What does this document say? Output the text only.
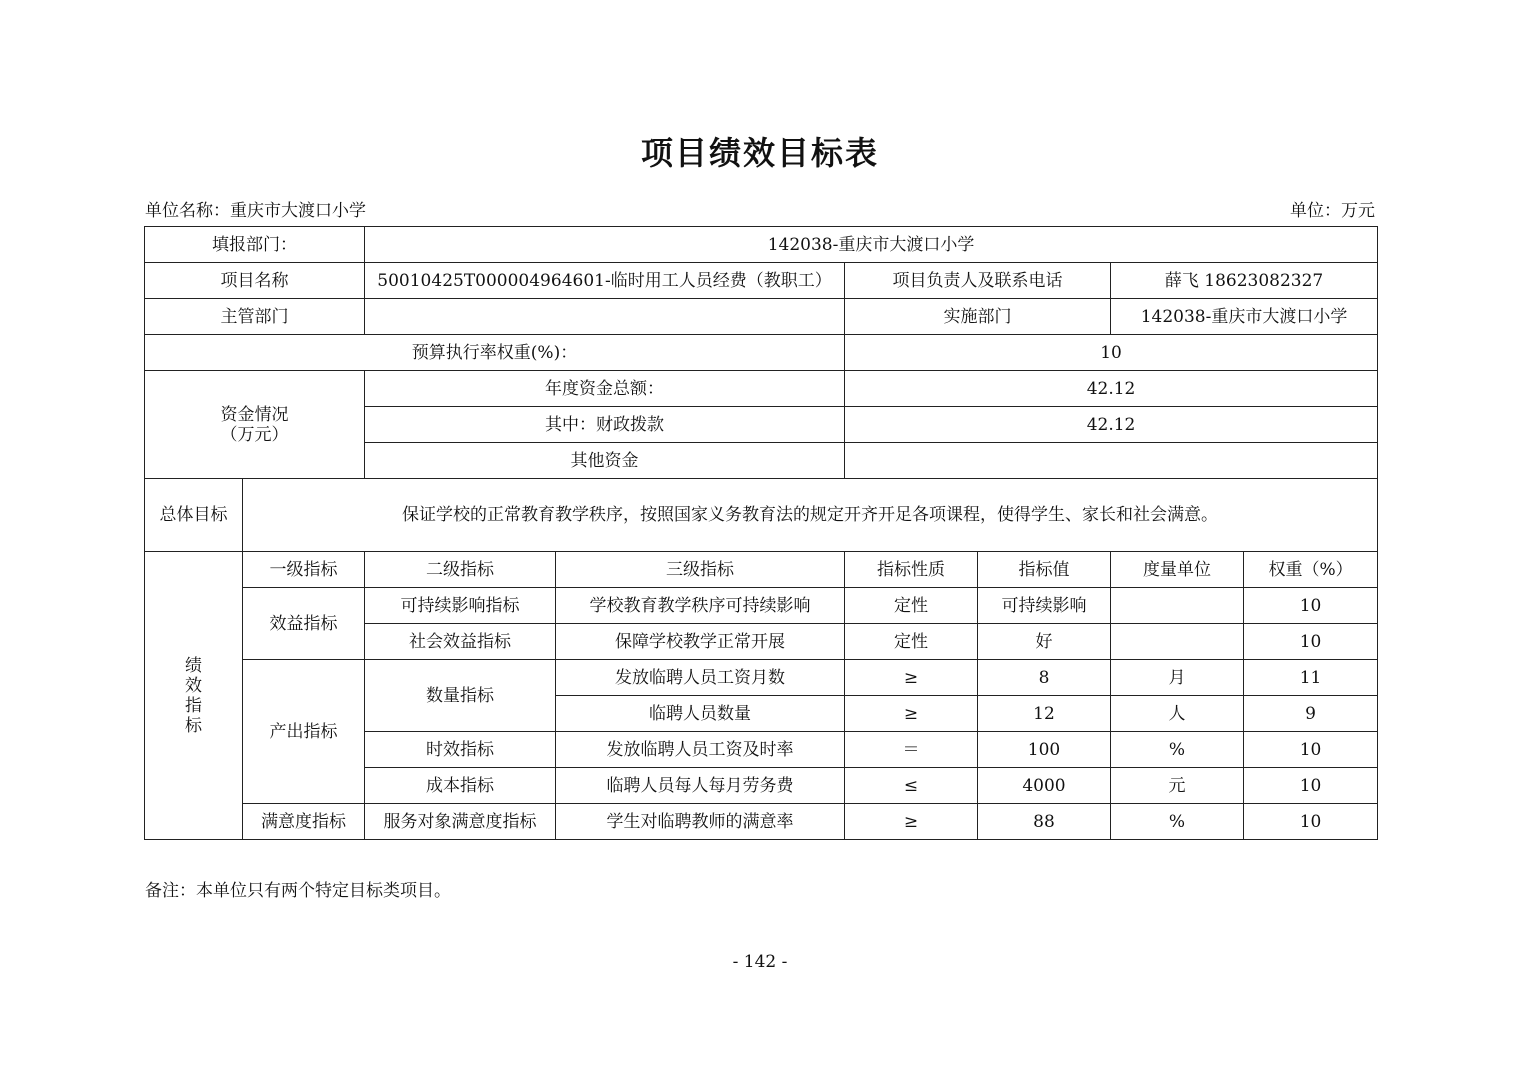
项目绩效目标表
单位名称：重庆市大渡口小学	单位：万元
填报部门：		142038-重庆市大渡口小学					
项目名称		50010425T000004964601-临时用工人员经费（教职工）		项目负责人及联系电话		薛飞 18623082327	
主管部门				实施部门		142038-重庆市大渡口小学	
预算执行率权重(%)：				10			
资金情况
（万元）		年度资金总额：		42.12			
		其中：财政拨款		42.12			
		其他资金					
总体目标	保证学校的正常教育教学秩序，按照国家义务教育法的规定开齐开足各项课程，使得学生、家长和社会满意。						

绩
效
指
标	一级指标	二级指标	三级指标	指标性质	指标值	度量单位	权重（%）
	效益指标	可持续影响指标	学校教育教学秩序可持续影响	定性	可持续影响		10
		社会效益指标	保障学校教学正常开展	定性	好		10
	产出指标	数量指标	发放临聘人员工资月数	≥	8	月	11
			临聘人员数量	≥	12	人	9
		时效指标	发放临聘人员工资及时率	＝	100	%	10
		成本指标	临聘人员每人每月劳务费	≤	4000	元	10
	满意度指标	服务对象满意度指标	学生对临聘教师的满意率	≥	88	%	10
备注：本单位只有两个特定目标类项目。
- 142 -
